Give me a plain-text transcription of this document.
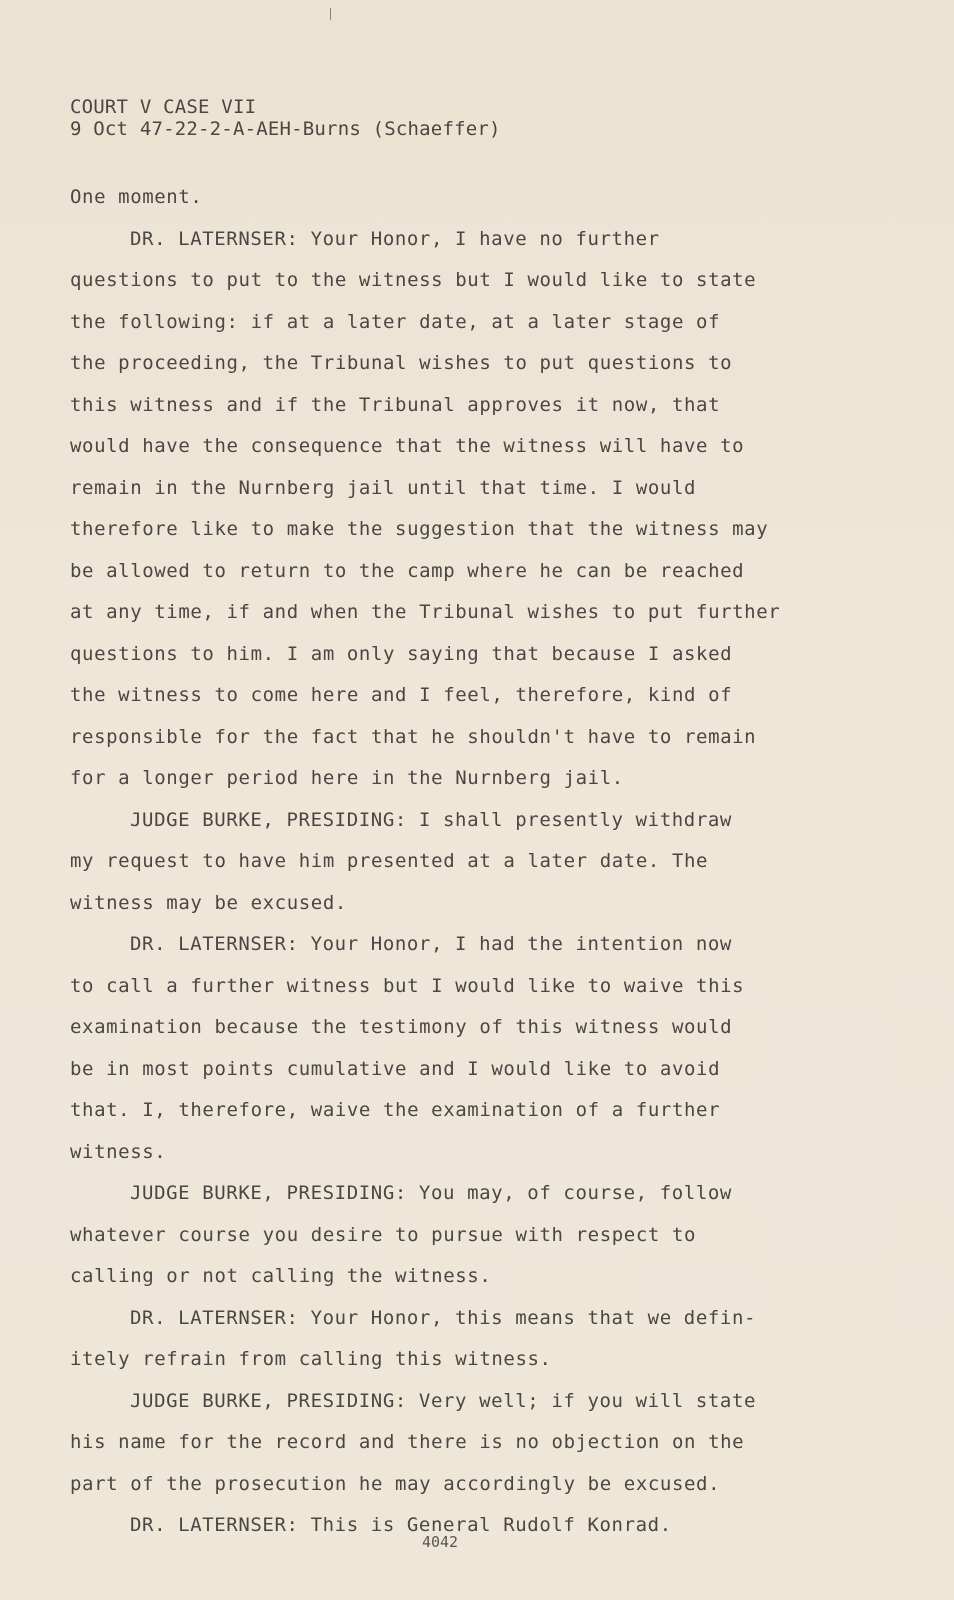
COURT V CASE VII
9 Oct 47-22-2-A-AEH-Burns (Schaeffer)
One moment.
DR. LATERNSER: Your Honor, I have no further
questions to put to the witness but I would like to state
the following: if at a later date, at a later stage of
the proceeding, the Tribunal wishes to put questions to
this witness and if the Tribunal approves it now, that
would have the consequence that the witness will have to
remain in the Nurnberg jail until that time. I would
therefore like to make the suggestion that the witness may
be allowed to return to the camp where he can be reached
at any time, if and when the Tribunal wishes to put further
questions to him. I am only saying that because I asked
the witness to come here and I feel, therefore, kind of
responsible for the fact that he shouldn't have to remain
for a longer period here in the Nurnberg jail.
JUDGE BURKE, PRESIDING: I shall presently withdraw
my request to have him presented at a later date. The
witness may be excused.
DR. LATERNSER: Your Honor, I had the intention now
to call a further witness but I would like to waive this
examination because the testimony of this witness would
be in most points cumulative and I would like to avoid
that. I, therefore, waive the examination of a further
witness.
JUDGE BURKE, PRESIDING: You may, of course, follow
whatever course you desire to pursue with respect to
calling or not calling the witness.
DR. LATERNSER: Your Honor, this means that we defin-
itely refrain from calling this witness.
JUDGE BURKE, PRESIDING: Very well; if you will state
his name for the record and there is no objection on the
part of the prosecution he may accordingly be excused.
DR. LATERNSER: This is General Rudolf Konrad.
4042
